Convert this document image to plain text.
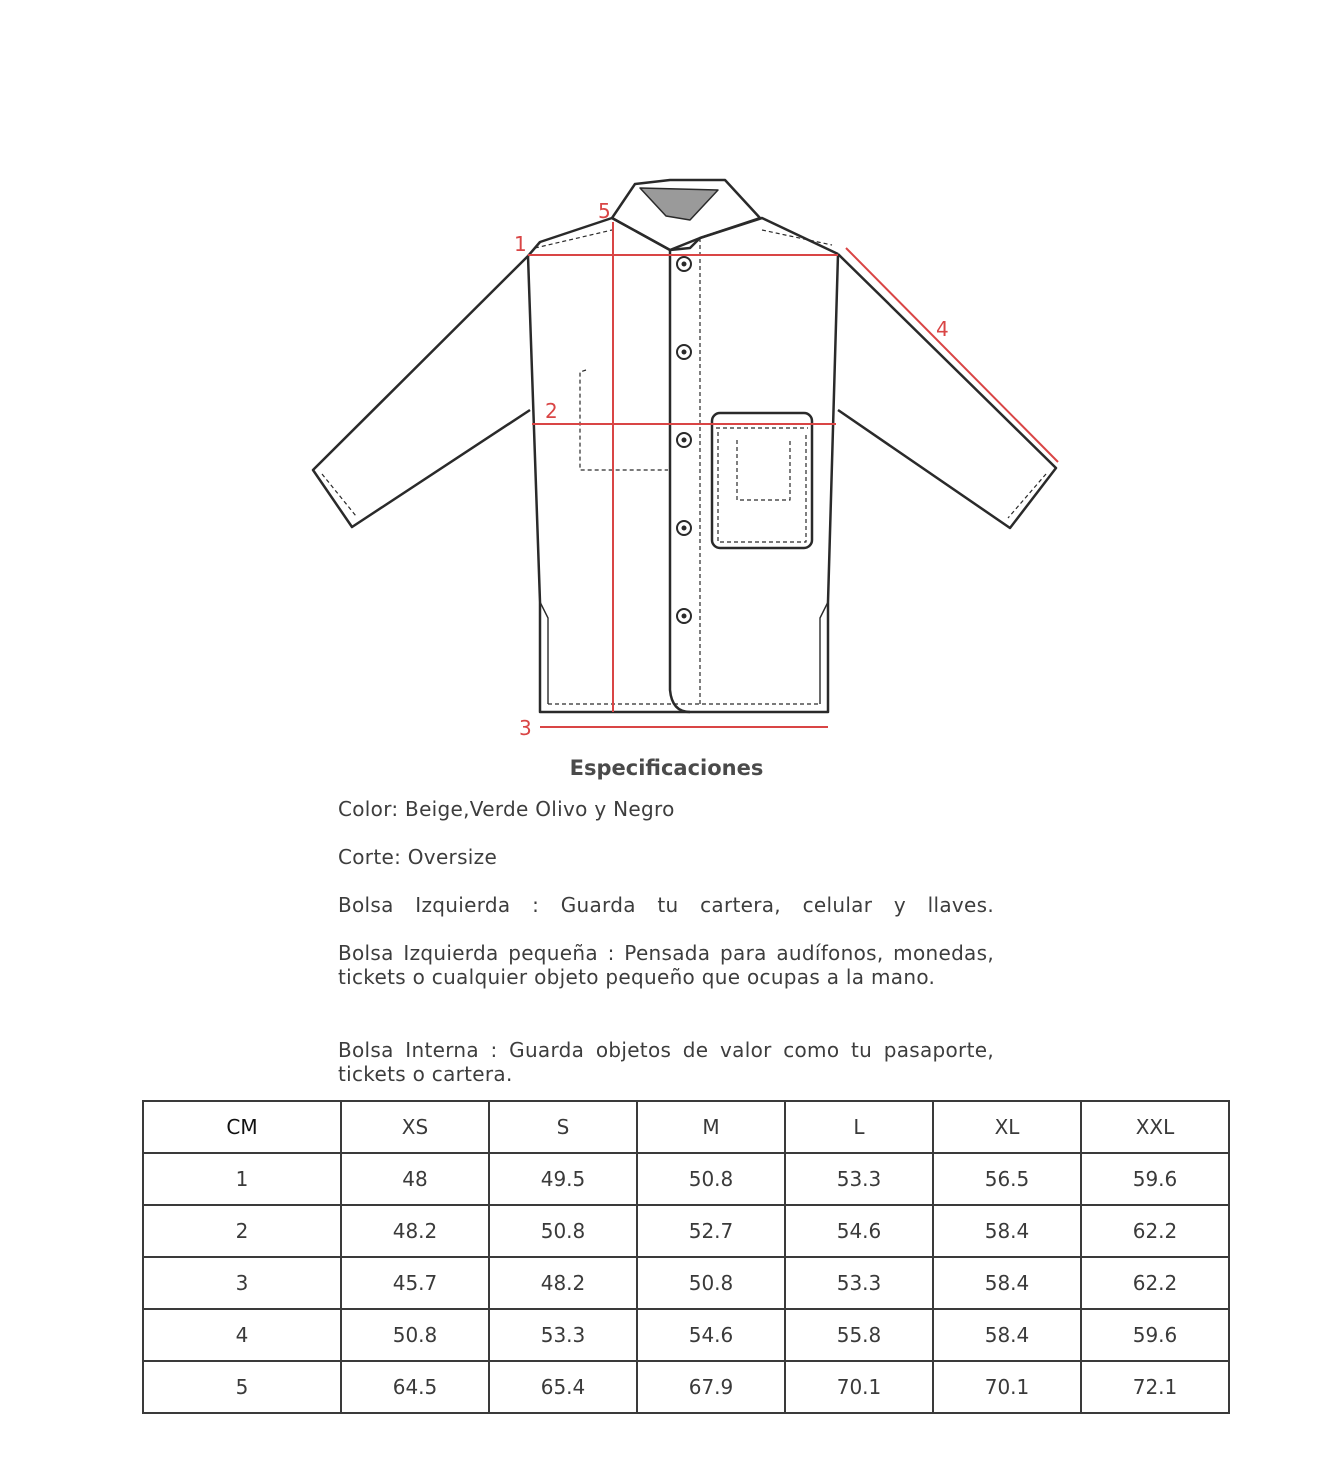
1
2
3
4
5
Especificaciones
Color: Beige,Verde Olivo y Negro
Corte: Oversize
Bolsa Izquierda : Guarda tu cartera, celular y llaves.
Bolsa Izquierda pequeña : Pensada para audífonos, monedas, tickets o cualquier objeto pequeño que ocupas a la mano.
Bolsa Interna : Guarda objetos de valor como tu pasaporte, tickets o cartera.
CM	XS	S	M	L	XL	XXL
1	48	49.5	50.8	53.3	56.5	59.6
2	48.2	50.8	52.7	54.6	58.4	62.2
3	45.7	48.2	50.8	53.3	58.4	62.2
4	50.8	53.3	54.6	55.8	58.4	59.6
5	64.5	65.4	67.9	70.1	70.1	72.1
